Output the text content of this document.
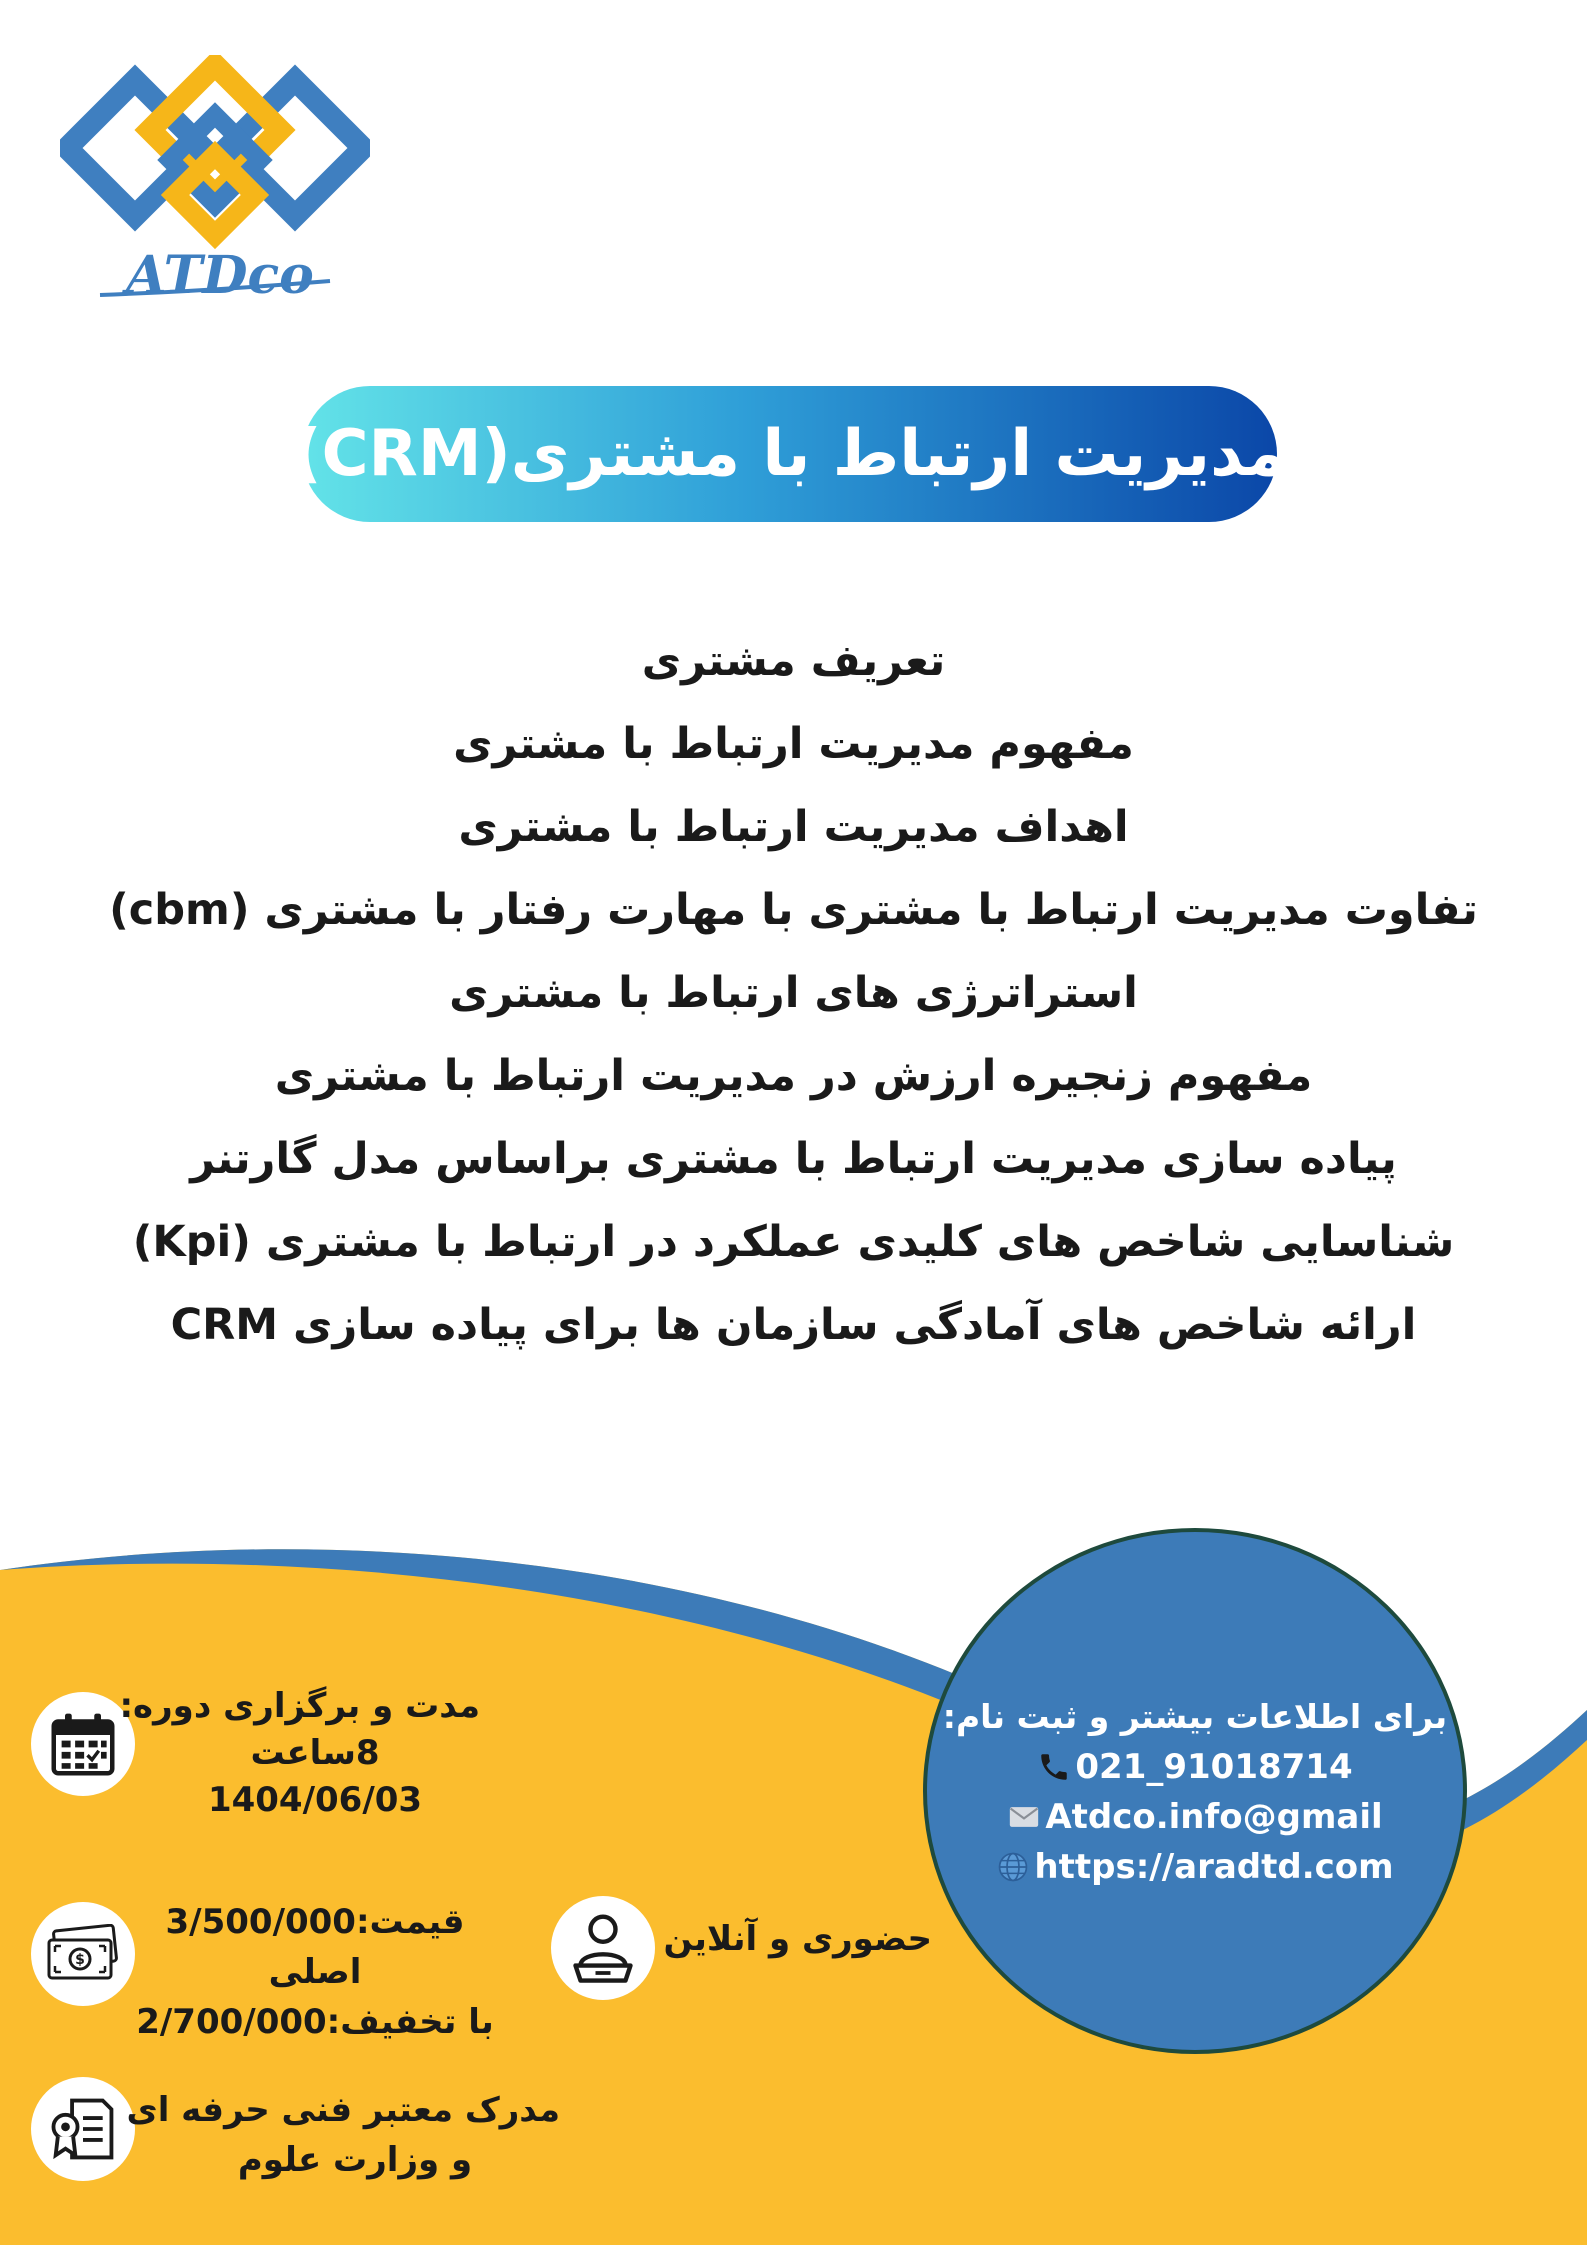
ATDco
مدیریت ارتباط با مشتری(CRM)
تعریف مشتری
مفهوم مدیریت ارتباط با مشتری
اهداف مدیریت ارتباط با مشتری
تفاوت مدیریت ارتباط با مشتری با مهارت رفتار با مشتری (cbm)
استراترژی های ارتباط با مشتری
مفهوم زنجیره ارزش در مدیریت ارتباط با مشتری
پیاده سازی مدیریت ارتباط با مشتری براساس مدل گارتنر
شناسایی شاخص های کلیدی عملکرد در ارتباط با مشتری (Kpi)
ارائه شاخص های آمادگی سازمان ها برای پیاده سازی CRM
برای اطلاعات بیشتر و ثبت نام:
021_91018714
Atdco.info@gmail
https://aradtd.com
مدت و برگزاری دوره:
8ساعت
1404/06/03
$
قیمت:3/500/000
اصلی
با تخفیف:2/700/000
مدرک معتبر فنی حرفه ای
و وزارت علوم
حضوری و آنلاین
